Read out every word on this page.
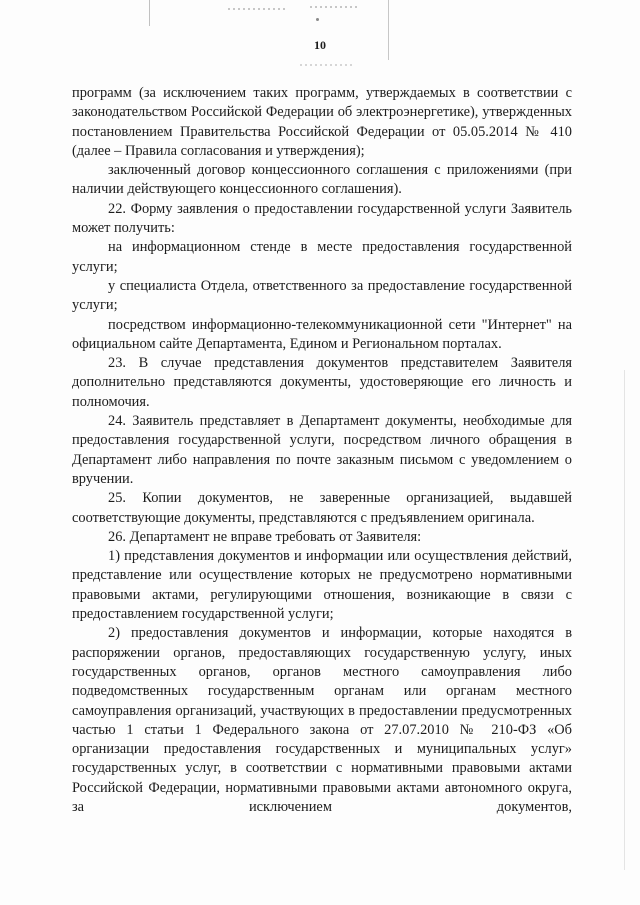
10

программ (за исключением таких программ, утверждаемых в соответствии с законодательством Российской Федерации об электроэнергетике), утвержденных постановлением Правительства Российской Федерации от 05.05.2014 № 410 (далее – Правила согласования и утверждения);

заключенный договор концессионного соглашения с приложениями (при наличии действующего концессионного соглашения).

22. Форму заявления о предоставлении государственной услуги Заявитель может получить:

на информационном стенде в месте предоставления государственной услуги;

у специалиста Отдела, ответственного за предоставление государственной услуги;

посредством информационно-телекоммуникационной сети "Интернет" на официальном сайте Департамента, Едином и Региональном порталах.

23. В случае представления документов представителем Заявителя дополнительно представляются документы, удостоверяющие его личность и полномочия.

24. Заявитель представляет в Департамент документы, необходимые для предоставления государственной услуги, посредством личного обращения в Департамент либо направления по почте заказным письмом с уведомлением о вручении.

25. Копии документов, не заверенные организацией, выдавшей соответствующие документы, представляются с предъявлением оригинала.

26. Департамент не вправе требовать от Заявителя:

1) представления документов и информации или осуществления действий, представление или осуществление которых не предусмотрено нормативными правовыми актами, регулирующими отношения, возникающие в связи с предоставлением государственной услуги;

2) предоставления документов и информации, которые находятся в распоряжении органов, предоставляющих государственную услугу, иных государственных органов, органов местного самоуправления либо подведомственных государственным органам или органам местного самоуправления организаций, участвующих в предоставлении предусмотренных частью 1 статьи 1 Федерального закона от 27.07.2010 № 210-ФЗ «Об организации предоставления государственных и муниципальных услуг» государственных услуг, в соответствии с нормативными правовыми актами Российской Федерации, нормативными правовыми актами автономного округа, за исключением документов,
